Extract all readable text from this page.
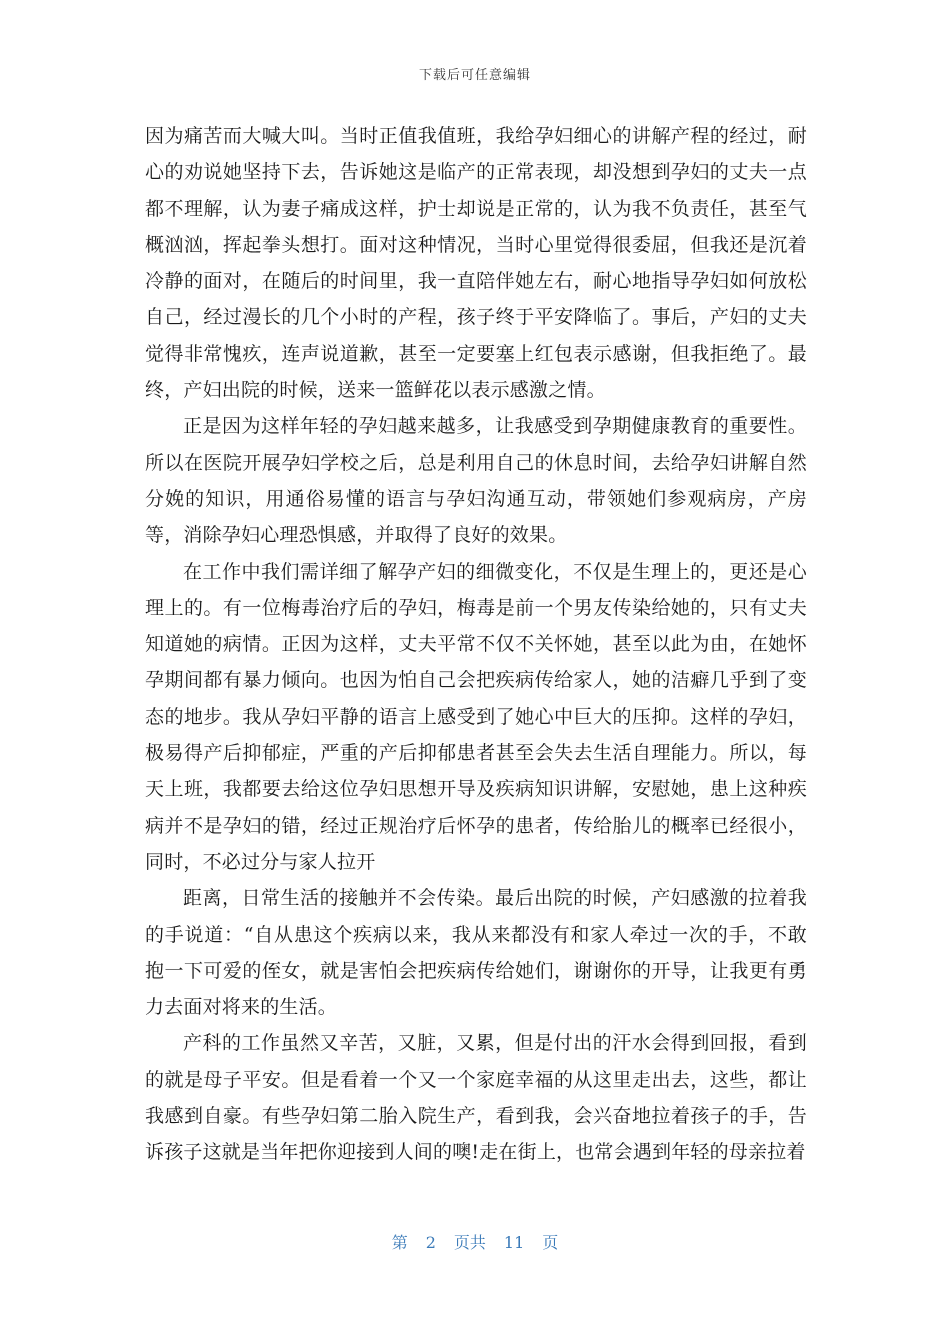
下载后可任意编辑

因为痛苦而大喊大叫。当时正值我值班，我给孕妇细心的讲解产程的经过，耐心的劝说她坚持下去，告诉她这是临产的正常表现，却没想到孕妇的丈夫一点都不理解，认为妻子痛成这样，护士却说是正常的，认为我不负责任，甚至气概汹汹，挥起拳头想打。面对这种情况，当时心里觉得很委屈，但我还是沉着冷静的面对，在随后的时间里，我一直陪伴她左右，耐心地指导孕妇如何放松自己，经过漫长的几个小时的产程，孩子终于平安降临了。事后，产妇的丈夫觉得非常愧疚，连声说道歉，甚至一定要塞上红包表示感谢，但我拒绝了。最终，产妇出院的时候，送来一篮鲜花以表示感激之情。

正是因为这样年轻的孕妇越来越多，让我感受到孕期健康教育的重要性。所以在医院开展孕妇学校之后，总是利用自己的休息时间，去给孕妇讲解自然分娩的知识，用通俗易懂的语言与孕妇沟通互动，带领她们参观病房，产房等，消除孕妇心理恐惧感，并取得了良好的效果。

在工作中我们需详细了解孕产妇的细微变化，不仅是生理上的，更还是心理上的。有一位梅毒治疗后的孕妇，梅毒是前一个男友传染给她的，只有丈夫知道她的病情。正因为这样，丈夫平常不仅不关怀她，甚至以此为由，在她怀孕期间都有暴力倾向。也因为怕自己会把疾病传给家人，她的洁癖几乎到了变态的地步。我从孕妇平静的语言上感受到了她心中巨大的压抑。这样的孕妇，极易得产后抑郁症，严重的产后抑郁患者甚至会失去生活自理能力。所以，每天上班，我都要去给这位孕妇思想开导及疾病知识讲解，安慰她，患上这种疾病并不是孕妇的错，经过正规治疗后怀孕的患者，传给胎儿的概率已经很小，同时，不必过分与家人拉开

距离，日常生活的接触并不会传染。最后出院的时候，产妇感激的拉着我的手说道：“自从患这个疾病以来，我从来都没有和家人牵过一次的手，不敢抱一下可爱的侄女，就是害怕会把疾病传给她们，谢谢你的开导，让我更有勇力去面对将来的生活。

产科的工作虽然又辛苦，又脏，又累，但是付出的汗水会得到回报，看到的就是母子平安。但是看着一个又一个家庭幸福的从这里走出去，这些，都让我感到自豪。有些孕妇第二胎入院生产，看到我，会兴奋地拉着孩子的手，告诉孩子这就是当年把你迎接到人间的噢!走在街上，也常会遇到年轻的母亲拉着

第 2 页共 11 页
